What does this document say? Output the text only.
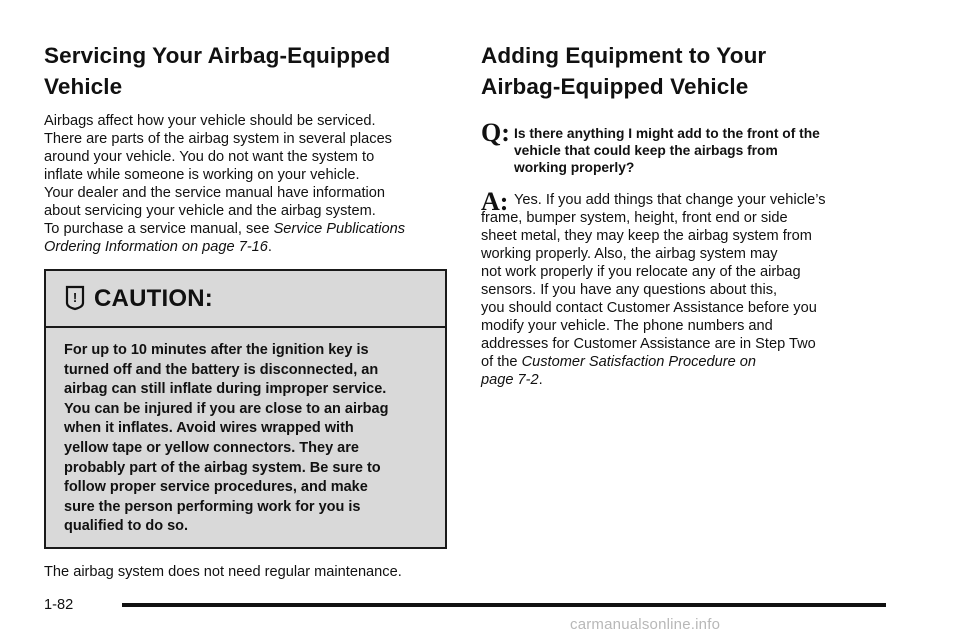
Servicing Your Airbag-Equipped
Vehicle
Airbags affect how your vehicle should be serviced.
There are parts of the airbag system in several places
around your vehicle. You do not want the system to
inflate while someone is working on your vehicle.
Your dealer and the service manual have information
about servicing your vehicle and the airbag system.
To purchase a service manual, see Service Publications
Ordering Information on page 7-16.
! CAUTION:
For up to 10 minutes after the ignition key is
turned off and the battery is disconnected, an
airbag can still inflate during improper service.
You can be injured if you are close to an airbag
when it inflates. Avoid wires wrapped with
yellow tape or yellow connectors. They are
probably part of the airbag system. Be sure to
follow proper service procedures, and make
sure the person performing work for you is
qualified to do so.
The airbag system does not need regular maintenance.
Adding Equipment to Your
Airbag-Equipped Vehicle
Q: Is there anything I might add to the front of the
vehicle that could keep the airbags from
working properly?
A: Yes. If you add things that change your vehicle’s
frame, bumper system, height, front end or side
sheet metal, they may keep the airbag system from
working properly. Also, the airbag system may
not work properly if you relocate any of the airbag
sensors. If you have any questions about this,
you should contact Customer Assistance before you
modify your vehicle. The phone numbers and
addresses for Customer Assistance are in Step Two
of the Customer Satisfaction Procedure on
page 7-2.
1-82
carmanualsonline.info
